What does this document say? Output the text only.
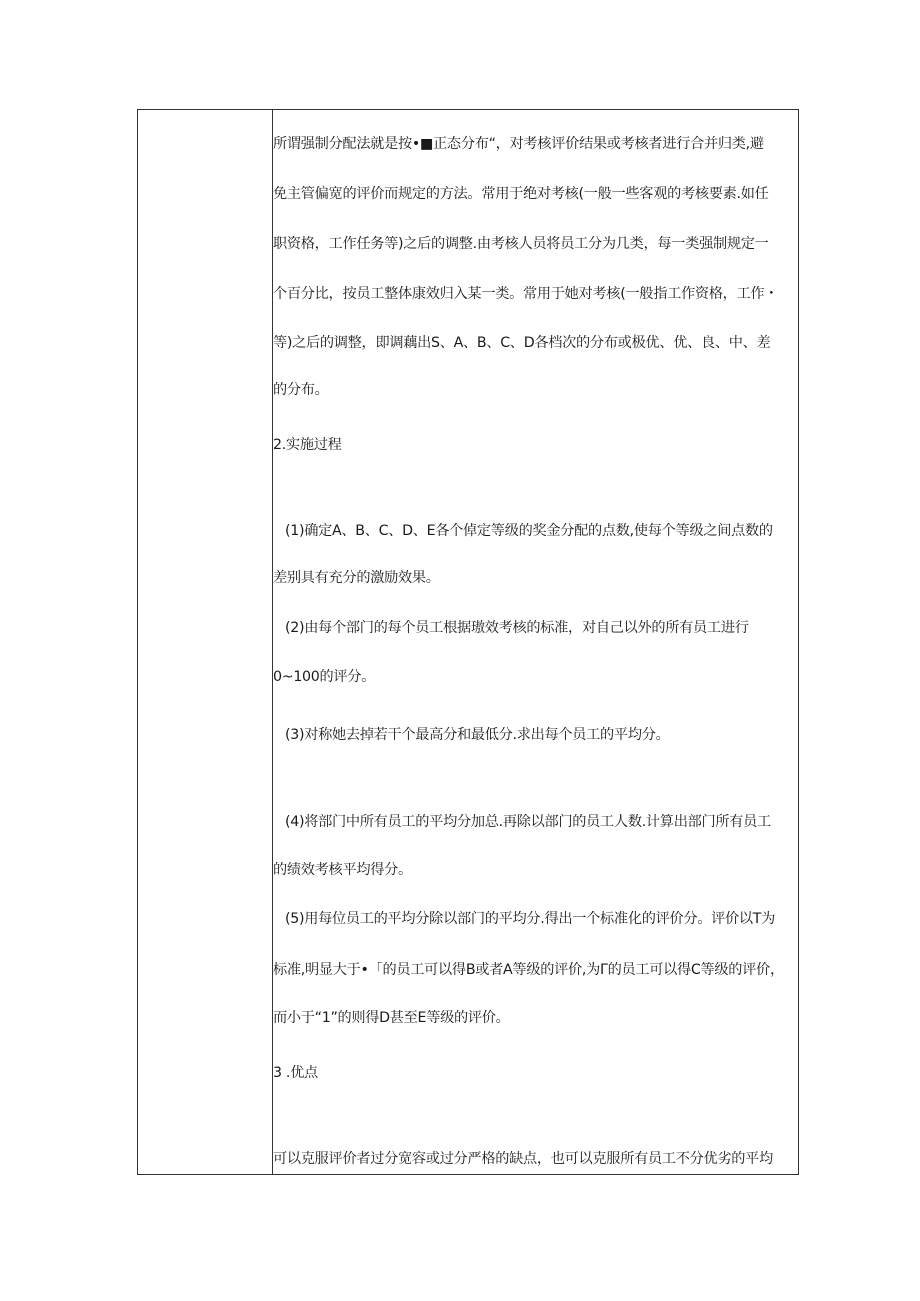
所谓强制分配法就是按•■正态分布“，对考核评价结果或考核者进行合并归类,避
免主管偏宽的评价而规定的方法。常用于绝对考核(一般一些客观的考核要素.如任
职资格，工作任务等)之后的调整.由考核人员将员工分为几类，每一类强制规定一
个百分比，按员工整体康效归入某一类。常用于她对考核(一般指工作资格，工作・
等)之后的调整，即调藕出S、A、B、C、D各档次的分布或极优、优、良、中、差
的分布。
2.实施过程
(1)确定A、B、C、D、E各个倬定等级的奖金分配的点数,使每个等级之间点数的
差别具有充分的激励效果。
(2)由每个部门的每个员工根据璈效考核的标准，对自己以外的所有员工进行
0~100的评分。
(3)对称她去掉若干个最高分和最低分.求出每个员工的平均分。
(4)将部门中所有员工的平均分加总.再除以部门的员工人数.计算出部门所有员工
的绩效考核平均得分。
(5)用每位员工的平均分除以部门的平均分.得出一个标准化的评价分。评价以T为
标准,明显大于•「的员工可以得B或者A等级的评价,为Γ的员工可以得C等级的评价，
而小于“1”的则得D甚至E等级的评价。
3 .优点
可以克服评价者过分宽容或过分严格的缺点，也可以克服所有员工不分优劣的平均
